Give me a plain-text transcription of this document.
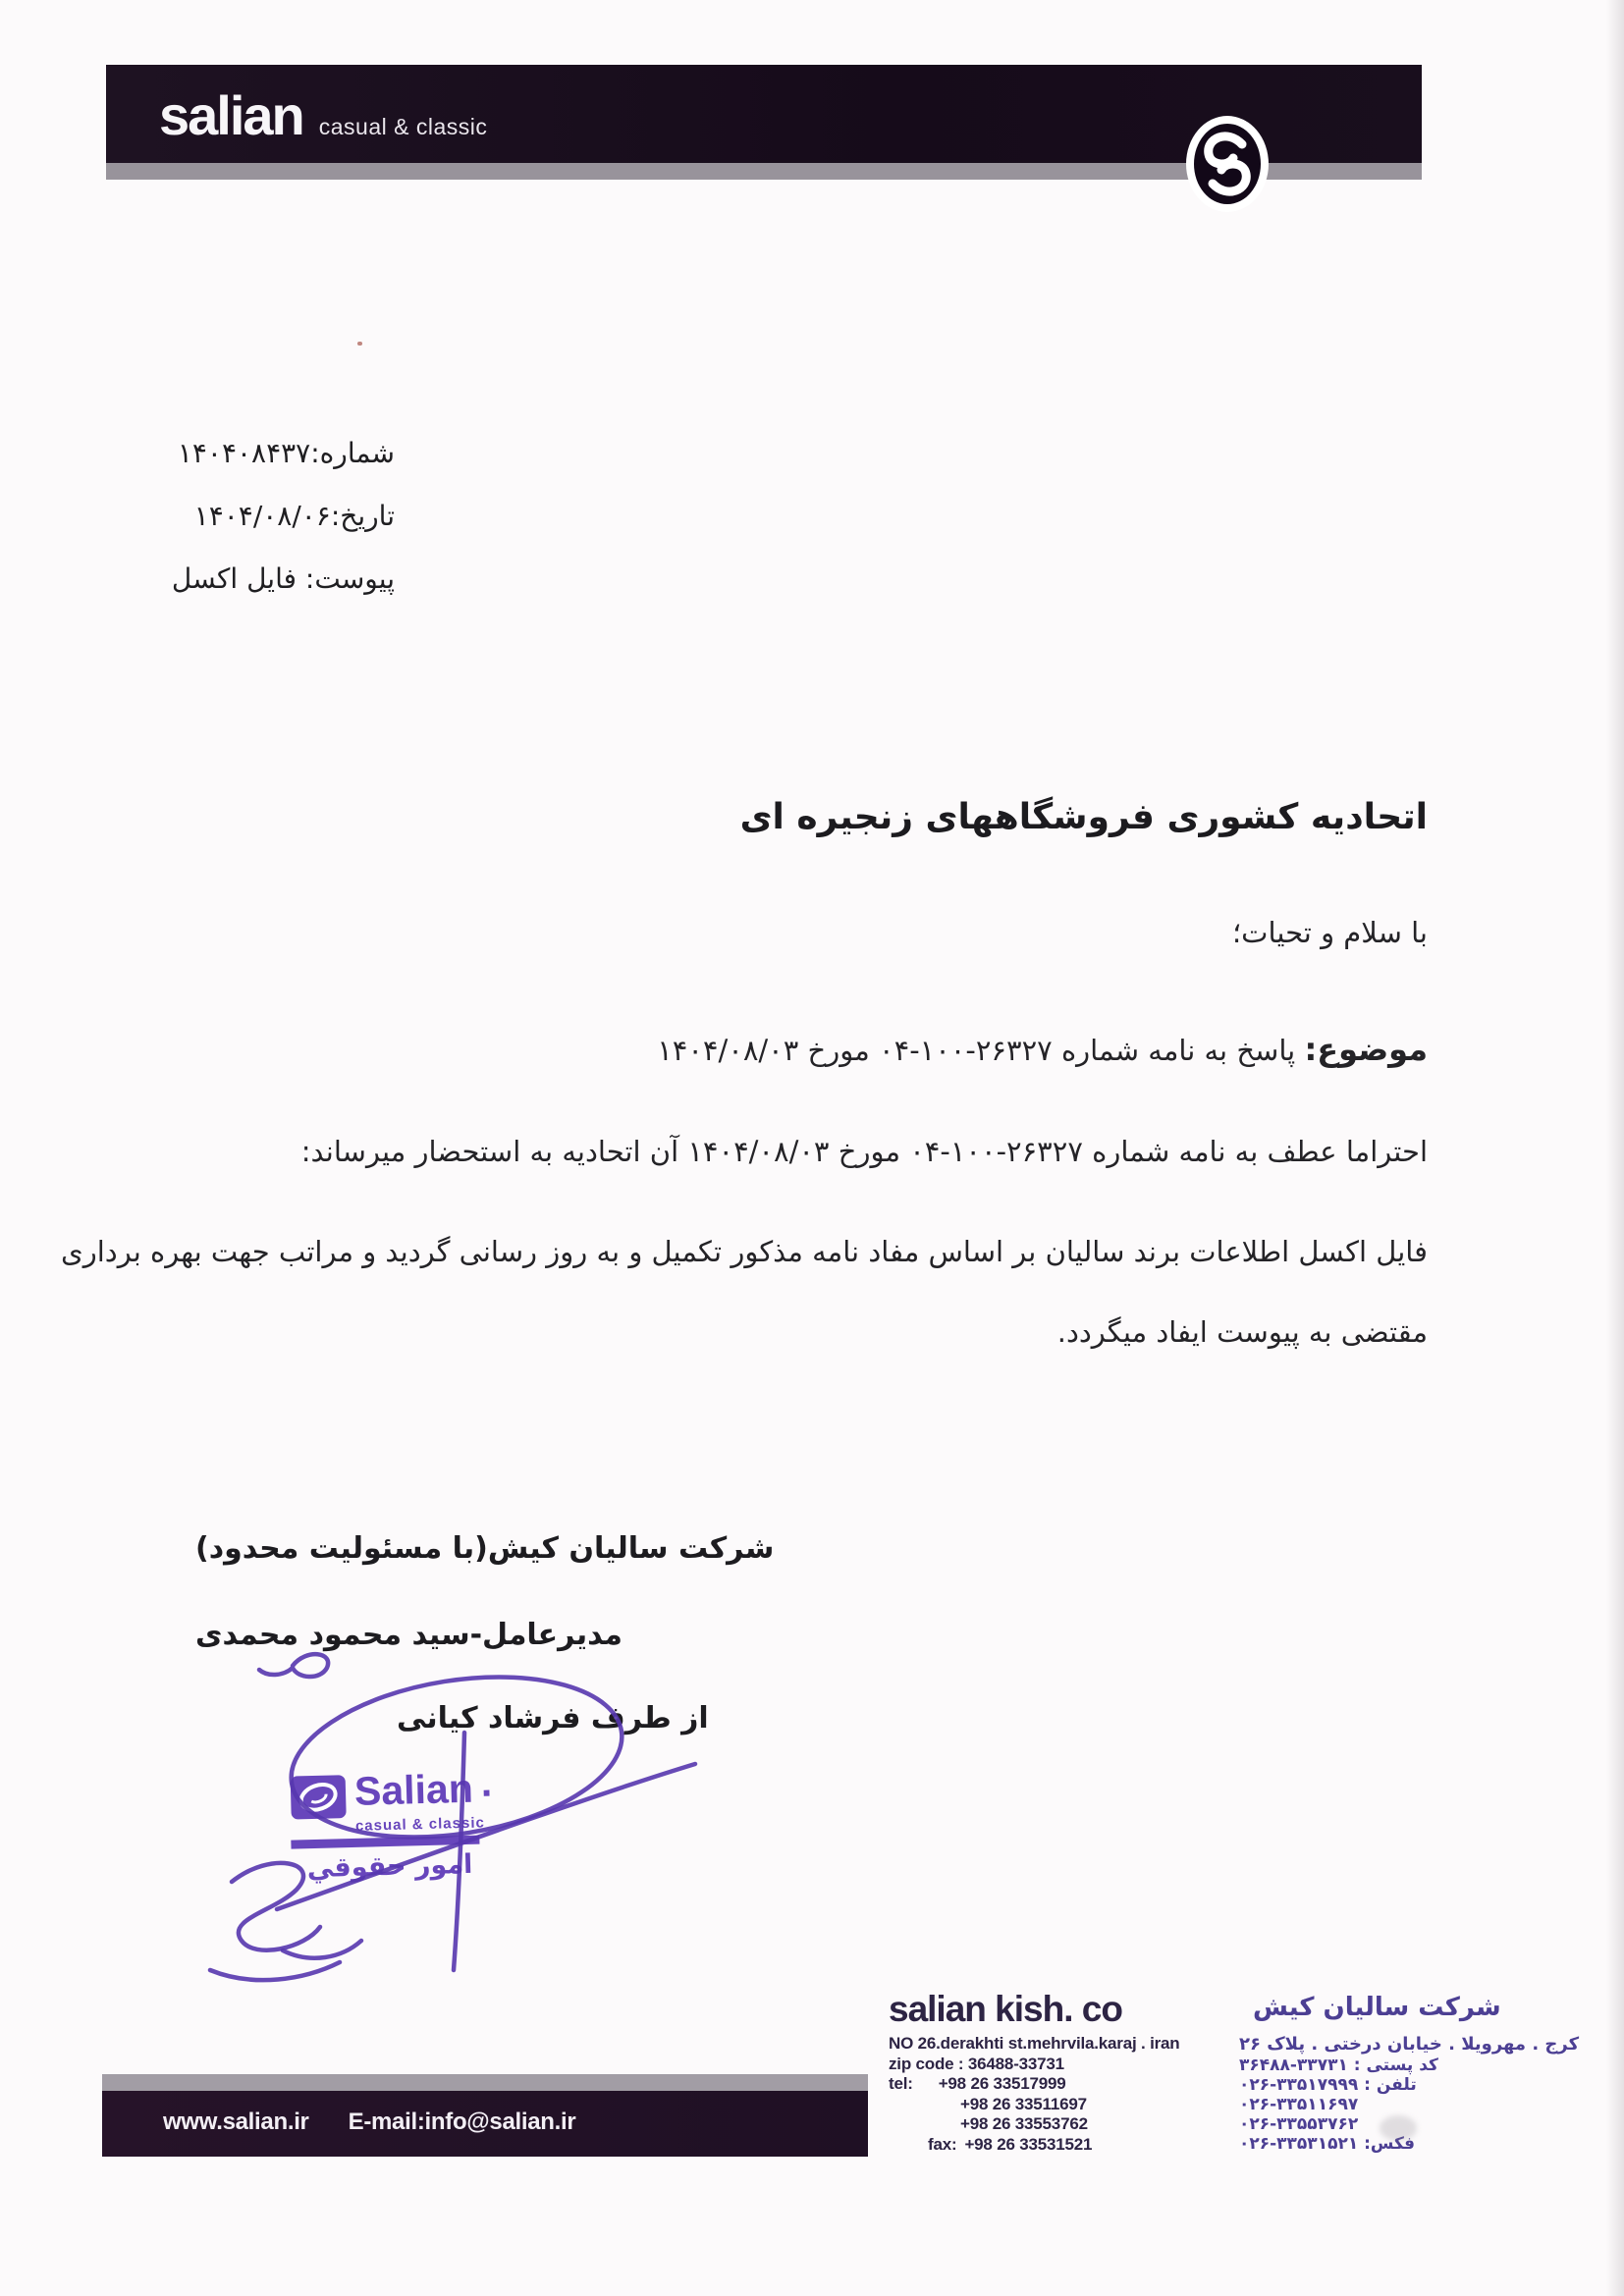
salian casual & classic
شماره:۱۴۰۴۰۸۴۳۷
تاریخ:۱۴۰۴/۰۸/۰۶
پیوست: فایل اکسل
اتحادیه کشوری فروشگاههای زنجیره ای
با سلام و تحیات؛
موضوع: پاسخ به نامه شماره ۲۶۳۲۷-۱۰۰-۰۴ مورخ ۱۴۰۴/۰۸/۰۳
احتراما عطف به نامه شماره ۲۶۳۲۷-۱۰۰-۰۴ مورخ ۱۴۰۴/۰۸/۰۳ آن اتحادیه به استحضار میرساند:
فایل اکسل اطلاعات برند سالیان بر اساس مفاد نامه مذکور تکمیل و به روز رسانی گردید و مراتب جهت بهره برداری
مقتضی به پیوست ایفاد میگردد.
شرکت سالیان کیش(با مسئولیت محدود)
مدیرعامل-سید محمود محمدی
از طرف فرشاد کیانی
Salian ·
casual & classic
امور حقوقي
salian kish. co
NO 26.derakhti st.mehrvila.karaj . iran
zip code : 36488-33731
tel: +98 26 33517999
+98 26 33511697
+98 26 33553762
fax: +98 26 33531521
شرکت سالیان کیش
کرج . مهرویلا . خیابان درختی . پلاک ۲۶
کد پستی : ۳۶۴۸۸-۳۳۷۳۱
تلفن : ۰۲۶-۳۳۵۱۷۹۹۹
۰۲۶-۳۳۵۱۱۶۹۷
۰۲۶-۳۳۵۵۳۷۶۲
فکس: ۰۲۶-۳۳۵۳۱۵۲۱
www.salian.ir E-mail:info@salian.ir
